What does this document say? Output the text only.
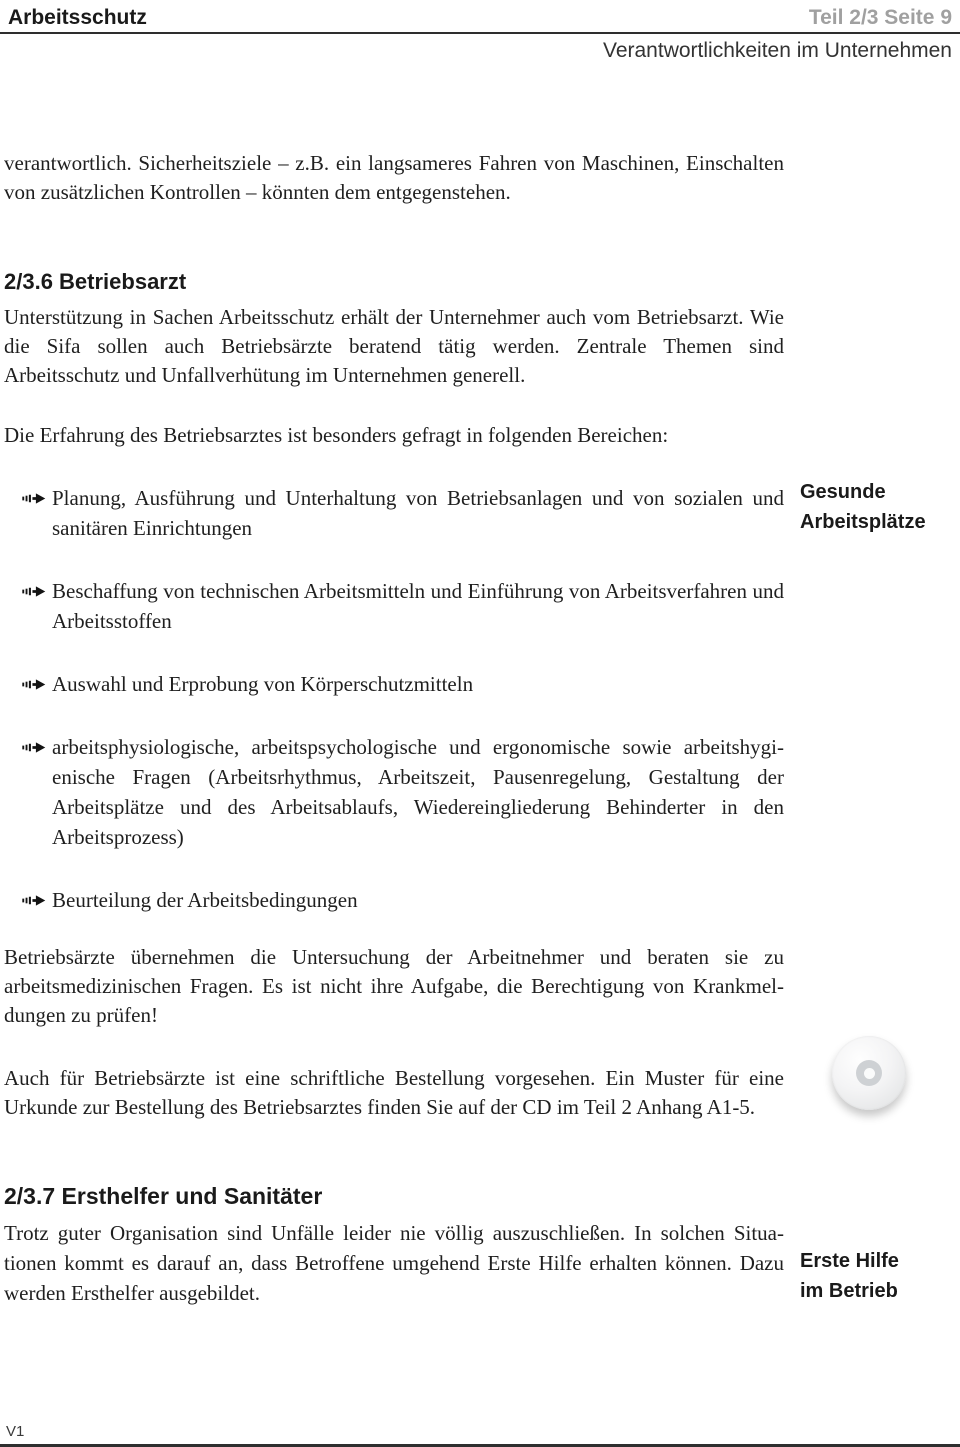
Arbeitsschutz	Teil 2/3 Seite 9
Verantwortlichkeiten im Unternehmen

verantwortlich. Sicherheitsziele – z.B. ein langsameres Fahren von Maschinen, Einschalten von zusätzlichen Kontrollen – könnten dem entgegenstehen.

2/3.6 Betriebsarzt

Unterstützung in Sachen Arbeitsschutz erhält der Unternehmer auch vom Betriebsarzt. Wie die Sifa sollen auch Betriebsärzte beratend tätig werden. Zentrale Themen sind Arbeitsschutz und Unfallverhütung im Unternehmen generell.

Die Erfahrung des Betriebsarztes ist besonders gefragt in folgenden Bereichen:

Planung, Ausführung und Unterhaltung von Betriebsanlagen und von sozialen und sanitären Einrichtungen
Beschaffung von technischen Arbeitsmitteln und Einführung von Arbeitsverfahren und Arbeitsstoffen
Auswahl und Erprobung von Körperschutzmitteln
arbeitsphysiologische, arbeitspsychologische und ergonomische sowie arbeitshygienische Fragen (Arbeitsrhythmus, Arbeitszeit, Pausenregelung, Gestaltung der Arbeitsplätze und des Arbeitsablaufs, Wiedereingliederung Behinderter in den Arbeitsprozess)
Beurteilung der Arbeitsbedingungen

Betriebsärzte übernehmen die Untersuchung der Arbeitnehmer und beraten sie zu arbeitsmedizinischen Fragen. Es ist nicht ihre Aufgabe, die Berechtigung von Krankmeldungen zu prüfen!

Auch für Betriebsärzte ist eine schriftliche Bestellung vorgesehen. Ein Muster für eine Urkunde zur Bestellung des Betriebsarztes finden Sie auf der CD im Teil 2 Anhang A1-5.

2/3.7 Ersthelfer und Sanitäter

Trotz guter Organisation sind Unfälle leider nie völlig auszuschließen. In solchen Situationen kommt es darauf an, dass Betroffene umgehend Erste Hilfe erhalten können. Dazu werden Ersthelfer ausgebildet.

Gesunde
Arbeitsplätze
Erste Hilfe
im Betrieb
V1
